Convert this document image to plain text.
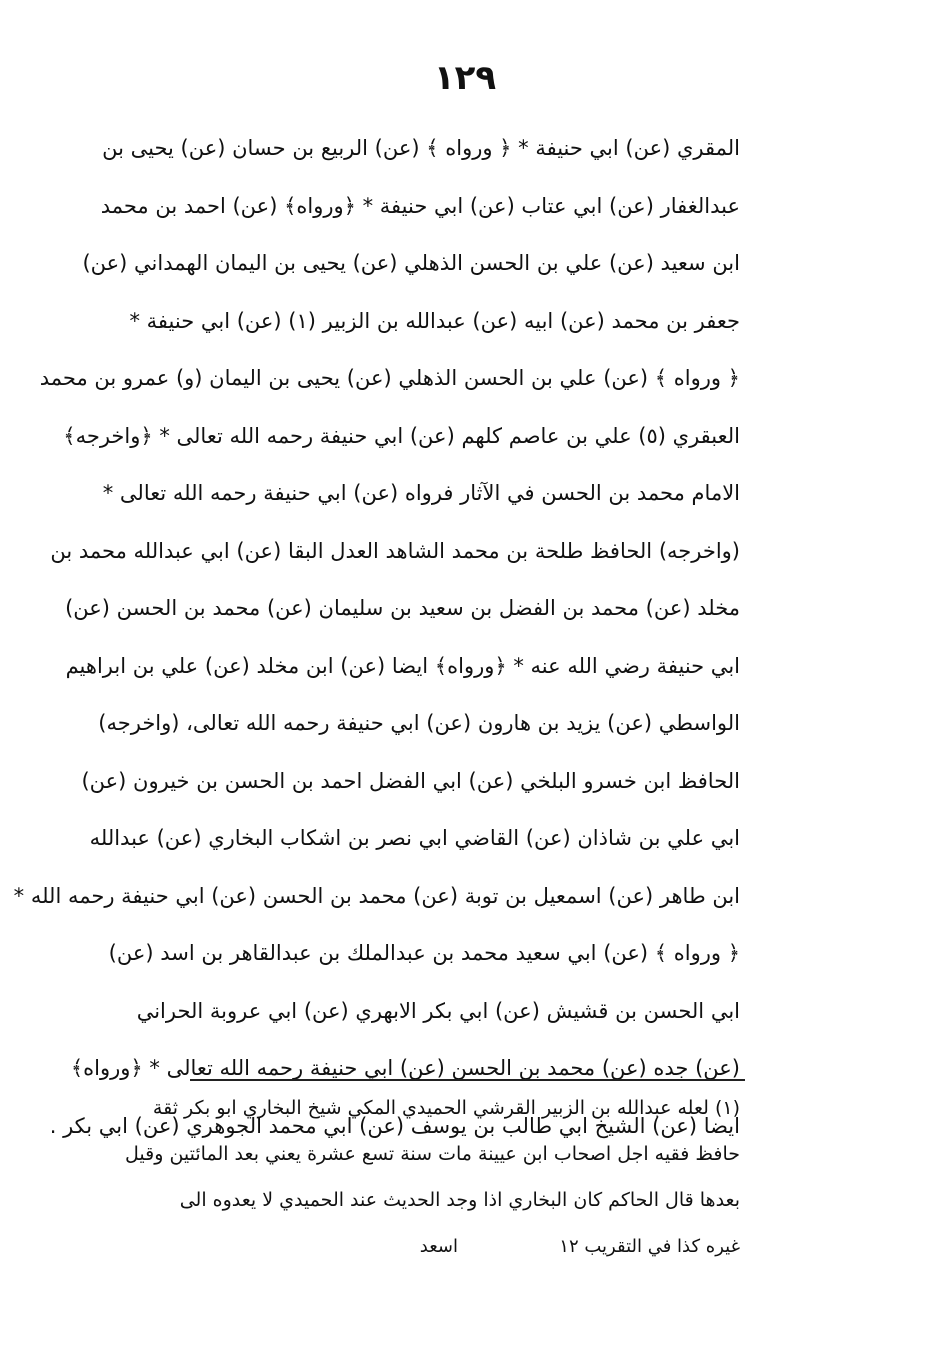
١٢٩
المقري (عن) ابي حنيفة * ﴿ ورواه ﴾ (عن) الربيع بن حسان (عن) يحيى بن
عبدالغفار (عن) ابي عتاب (عن) ابي حنيفة * ﴿ورواه﴾ (عن) احمد بن محمد
ابن سعيد (عن) علي بن الحسن الذهلي (عن) يحيى بن اليمان الهمداني (عن)
جعفر بن محمد (عن) ابيه (عن) عبدالله بن الزبير (١) (عن) ابي حنيفة *
﴿ ورواه ﴾ (عن) علي بن الحسن الذهلي (عن) يحيى بن اليمان (و) عمرو بن محمد
العبقري (٥) علي بن عاصم كلهم (عن) ابي حنيفة رحمه الله تعالى * ﴿واخرجه﴾
الامام محمد بن الحسن في الآثار فرواه (عن) ابي حنيفة رحمه الله تعالى *
(واخرجه) الحافظ طلحة بن محمد الشاهد العدل البقا (عن) ابي عبدالله محمد بن
مخلد (عن) محمد بن الفضل بن سعيد بن سليمان (عن) محمد بن الحسن (عن)
ابي حنيفة رضي الله عنه * ﴿ورواه﴾ ايضا (عن) ابن مخلد (عن) علي بن ابراهيم
الواسطي (عن) يزيد بن هارون (عن) ابي حنيفة رحمه الله تعالى، (واخرجه)
الحافظ ابن خسرو البلخي (عن) ابي الفضل احمد بن الحسن بن خيرون (عن)
ابي علي بن شاذان (عن) القاضي ابي نصر بن اشكاب البخاري (عن) عبدالله
ابن طاهر (عن) اسمعيل بن توبة (عن) محمد بن الحسن (عن) ابي حنيفة رحمه الله *
﴿ ورواه ﴾ (عن) ابي سعيد محمد بن عبدالملك بن عبدالقاهر بن اسد (عن)
ابي الحسن بن قشيش (عن) ابي بكر الابهري (عن) ابي عروبة الحراني
(عن) جده (عن) محمد بن الحسن (عن) ابي حنيفة رحمه الله تعالى * ﴿ورواه﴾
ايضا (عن) الشيخ ابي طالب بن يوسف (عن) ابي محمد الجوهري (عن) ابي بكر .
(١) لعله عبدالله بن الزبير القرشي الحميدي المكي شيخ البخاري ابو بكر ثقة
حافظ فقيه اجل اصحاب ابن عيينة مات سنة تسع عشرة يعني بعد المائتين وقيل
بعدها قال الحاكم كان البخاري اذا وجد الحديث عند الحميدي لا يعدوه الى
غيره كذا في التقريب ١٢
اسعد
